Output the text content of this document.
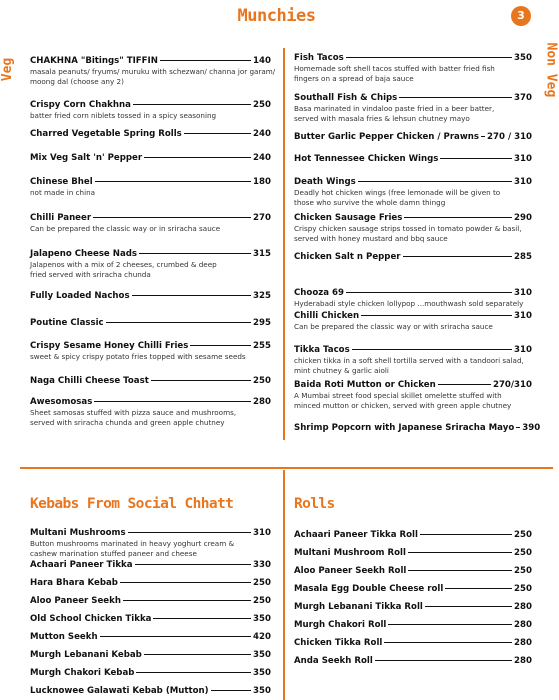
Munchies	3
Veg	Non Veg
CHAKHNA "Bitings" TIFFIN	140
masala peanuts/ fryums/ muruku with schezwan/ channa jor garam/
moong dal (choose any 2)
Crispy Corn Chakhna	250
batter fried corn niblets tossed in a spicy seasoning
Charred Vegetable Spring Rolls	240
Mix Veg Salt 'n' Pepper	240
Chinese Bhel	180
not made in china
Chilli Paneer	270
Can be prepared the classic way or in sriracha sauce
Jalapeno Cheese Nads	315
Jalapenos with a mix of 2 cheeses, crumbed & deep
fried served with sriracha chunda
Fully Loaded Nachos	325
Poutine Classic	295
Crispy Sesame Honey Chilli Fries	255
sweet & spicy crispy potato fries topped with sesame seeds
Naga Chilli Cheese Toast	250
Awesomosas	280
Sheet samosas stuffed with pizza sauce and mushrooms,
served with sriracha chunda and green apple chutney
Fish Tacos	350
Homemade soft shell tacos stuffed with batter fried fish
fingers on a spread of baja sauce
Southall Fish & Chips	370
Basa marinated in vindaloo paste fried in a beer batter,
served with masala fries & lehsun chutney mayo
Butter Garlic Pepper Chicken / Prawns 270 / 310
Hot Tennessee Chicken Wings	310
Death Wings	310
Deadly hot chicken wings (free lemonade will be given to
those who survive the whole damn thingg
Chicken Sausage Fries	290
Crispy chicken sausage strips tossed in tomato powder & basil,
served with honey mustard and bbq sauce
Chicken Salt n Pepper	285
Chooza 69	310
Hyderabadi style chicken lollypop ...mouthwash sold separately
Chilli Chicken	310
Can be prepared the classic way or with sriracha sauce
Tikka Tacos	310
chicken tikka in a soft shell tortilla served with a tandoori salad,
mint chutney & garlic aioli
Baida Roti Mutton or Chicken	270/310
A Mumbai street food special skillet omelette stuffed with
minced mutton or chicken, served with green apple chutney
Shrimp Popcorn with Japanese Sriracha Mayo 390
Kebabs From Social Chhatt
Multani Mushrooms	310
Button mushrooms marinated in heavy yoghurt cream &
cashew marination stuffed paneer and cheese
Achaari Paneer Tikka	330
Hara Bhara Kebab	250
Aloo Paneer Seekh	250
Old School Chicken Tikka	350
Mutton Seekh	420
Murgh Lebanani Kebab	350
Murgh Chakori Kebab	350
Lucknowee Galawati Kebab (Mutton)	350
Rolls
Achaari Paneer Tikka Roll	250
Multani Mushroom Roll	250
Aloo Paneer Seekh Roll	250
Masala Egg Double Cheese roll	250
Murgh Lebanani Tikka Roll	280
Murgh Chakori Roll	280
Chicken Tikka Roll	280
Anda Seekh Roll	280
